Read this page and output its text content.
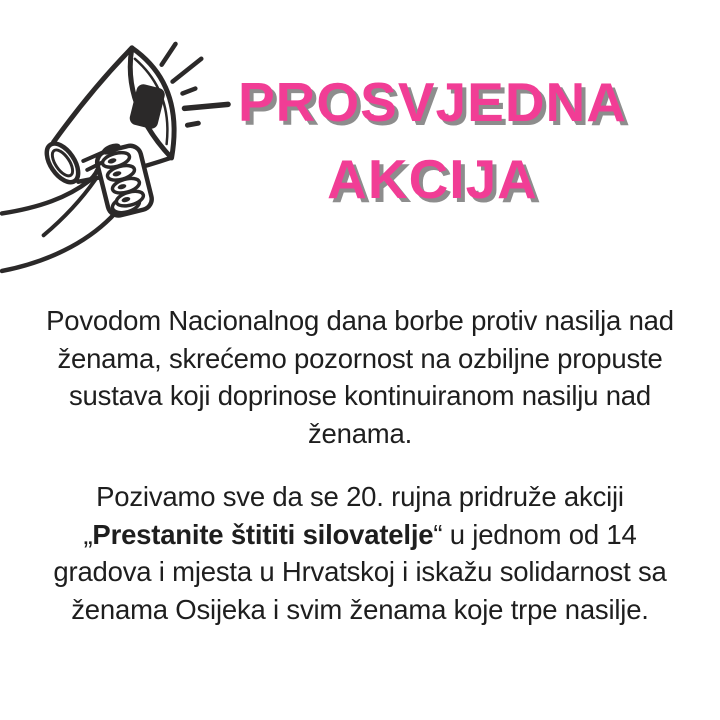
PROSVJEDNA
AKCIJA
Povodom Nacionalnog dana borbe protiv nasilja nad
ženama, skrećemo pozornost na ozbiljne propuste
sustava koji doprinose kontinuiranom nasilju nad
ženama.
Pozivamo sve da se 20. rujna pridruže akciji
„Prestanite štititi silovatelje“ u jednom od 14
gradova i mjesta u Hrvatskoj i iskažu solidarnost sa
ženama Osijeka i svim ženama koje trpe nasilje.
